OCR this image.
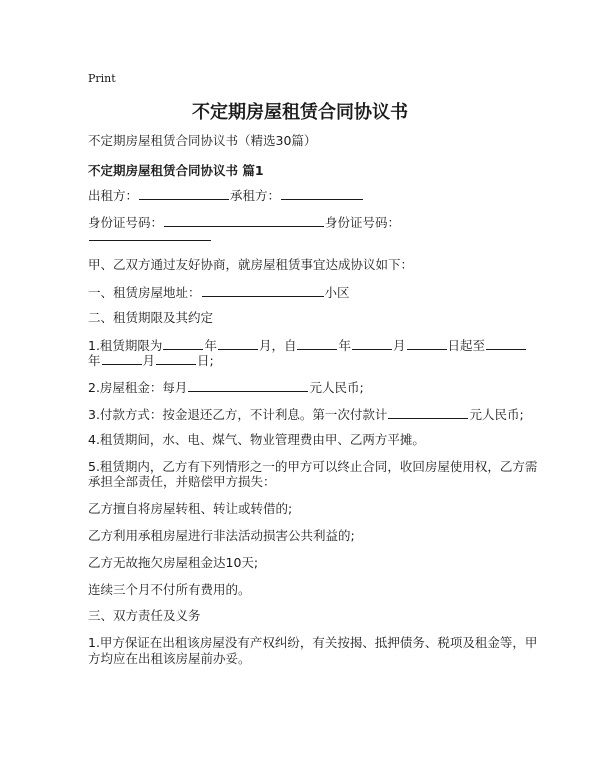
Print
不定期房屋租赁合同协议书
不定期房屋租赁合同协议书（精选30篇）
不定期房屋租赁合同协议书 篇1
出租方：	承租方：
身份证号码：	身份证号码：
甲、乙双方通过友好协商，就房屋租赁事宜达成协议如下：
一、租赁房屋地址：	小区
二、租赁期限及其约定
1.租赁期限为	年	月，自	年	月	日起至
年	月	日;
2.房屋租金：每月	元人民币;
3.付款方式：按金退还乙方，不计利息。第一次付款计	元人民币;
4.租赁期间，水、电、煤气、物业管理费由甲、乙两方平摊。
5.租赁期内，乙方有下列情形之一的甲方可以终止合同，收回房屋使用权，乙方需
承担全部责任，并赔偿甲方损失：
乙方擅自将房屋转租、转让或转借的;
乙方利用承租房屋进行非法活动损害公共利益的;
乙方无故拖欠房屋租金达10天;
连续三个月不付所有费用的。
三、双方责任及义务
1.甲方保证在出租该房屋没有产权纠纷，有关按揭、抵押债务、税项及租金等，甲
方均应在出租该房屋前办妥。
